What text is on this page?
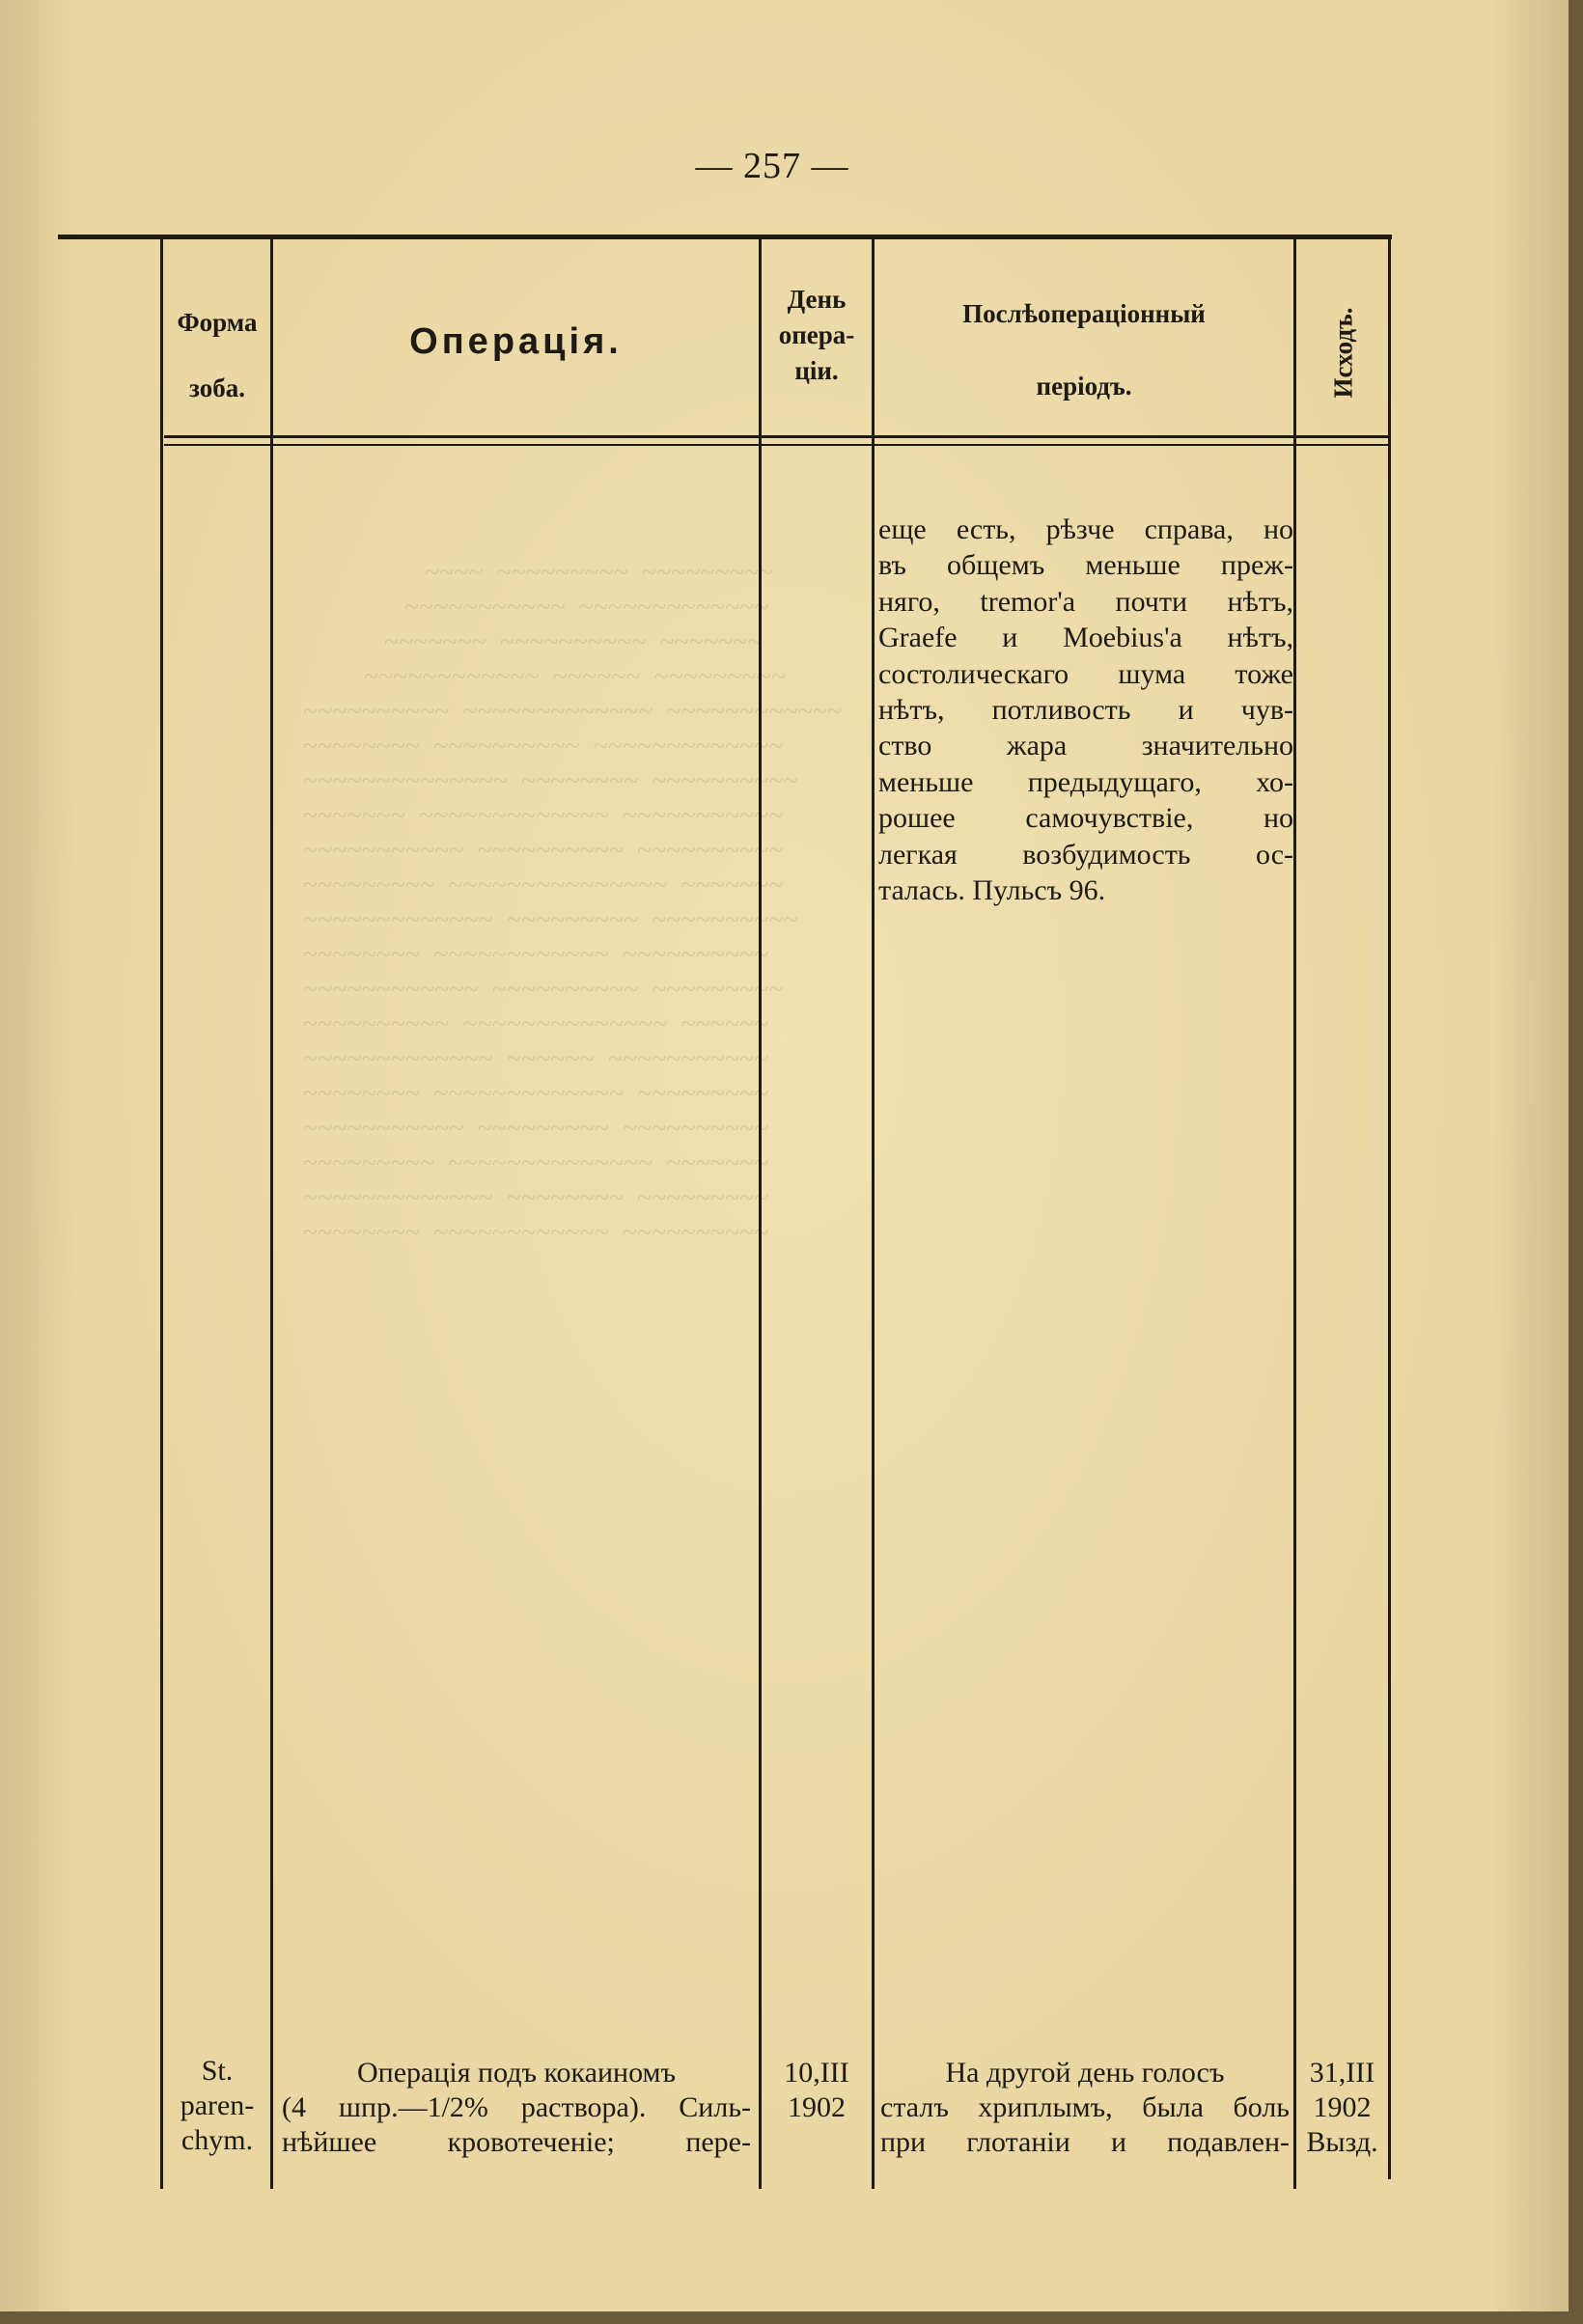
— 257 —

~~~~  ~~~~~~~~~  ~~~~~~~~~
~~~~~~~~~~~  ~~~~~~~~~~~~~
~~~~~~~  ~~~~~~~~~~  ~~~~~~~
~~~~~~~~~~~~  ~~~~~~  ~~~~~~~~~
~~~~~~~~~~  ~~~~~~~~~~~~~  ~~~~~~~~~~~~
~~~~~~~~  ~~~~~~~~~~  ~~~~~~~~~~~~~
~~~~~~~~~~~~~~  ~~~~~~~~  ~~~~~~~~~~
~~~~~~~  ~~~~~~~~~~~~~  ~~~~~~~~~~~
~~~~~~~~~~~  ~~~~~~~~~~  ~~~~~~~~~~
~~~~~~~~~  ~~~~~~~~~~~~~~~  ~~~~~~~
~~~~~~~~~~~~~  ~~~~~~~~~  ~~~~~~~~~~
~~~~~~~~  ~~~~~~~~~~~~  ~~~~~~~~~~
~~~~~~~~~~~~  ~~~~~~~~~~  ~~~~~~~~~
~~~~~~~~~~  ~~~~~~~~~~~~~~  ~~~~~~
~~~~~~~~~~~~~  ~~~~~~  ~~~~~~~~~~~
~~~~~~~~  ~~~~~~~~~~~~~  ~~~~~~~~~
~~~~~~~~~~~  ~~~~~~~~~  ~~~~~~~~~~
~~~~~~~~~  ~~~~~~~~~~~~~~  ~~~~~~~
~~~~~~~~~~~~~  ~~~~~~~~  ~~~~~~~~~
~~~~~~~~  ~~~~~~~~~~~~  ~~~~~~~~~~

Форма
зоба.
Операція.
День
опера-
ціи.
Послѣоперацiонный
періодъ.	Исходъ.
еще есть, рѣзче справа, но
въ общемъ меньше преж-
няго, tremor'а почти нѣтъ,
Graefe и Moebius'а нѣтъ,
состолическаго шума тоже
нѣтъ, потливость и чув-
ство жара значительно
меньше предыдущаго, хо-
рошее самочувствіе, но
легкая возбудимость ос-
талась. Пульсъ 96.
St.
paren-
chym.
Операція подъ кокаиномъ
(4 шпр.—1/2% раствора). Силь-
нѣйшее кровотеченіе; пере-
10,III
1902
На другой день голосъ
сталъ хриплымъ, была боль
при глотаніи и подавлен-
31,III
1902
Вызд.
